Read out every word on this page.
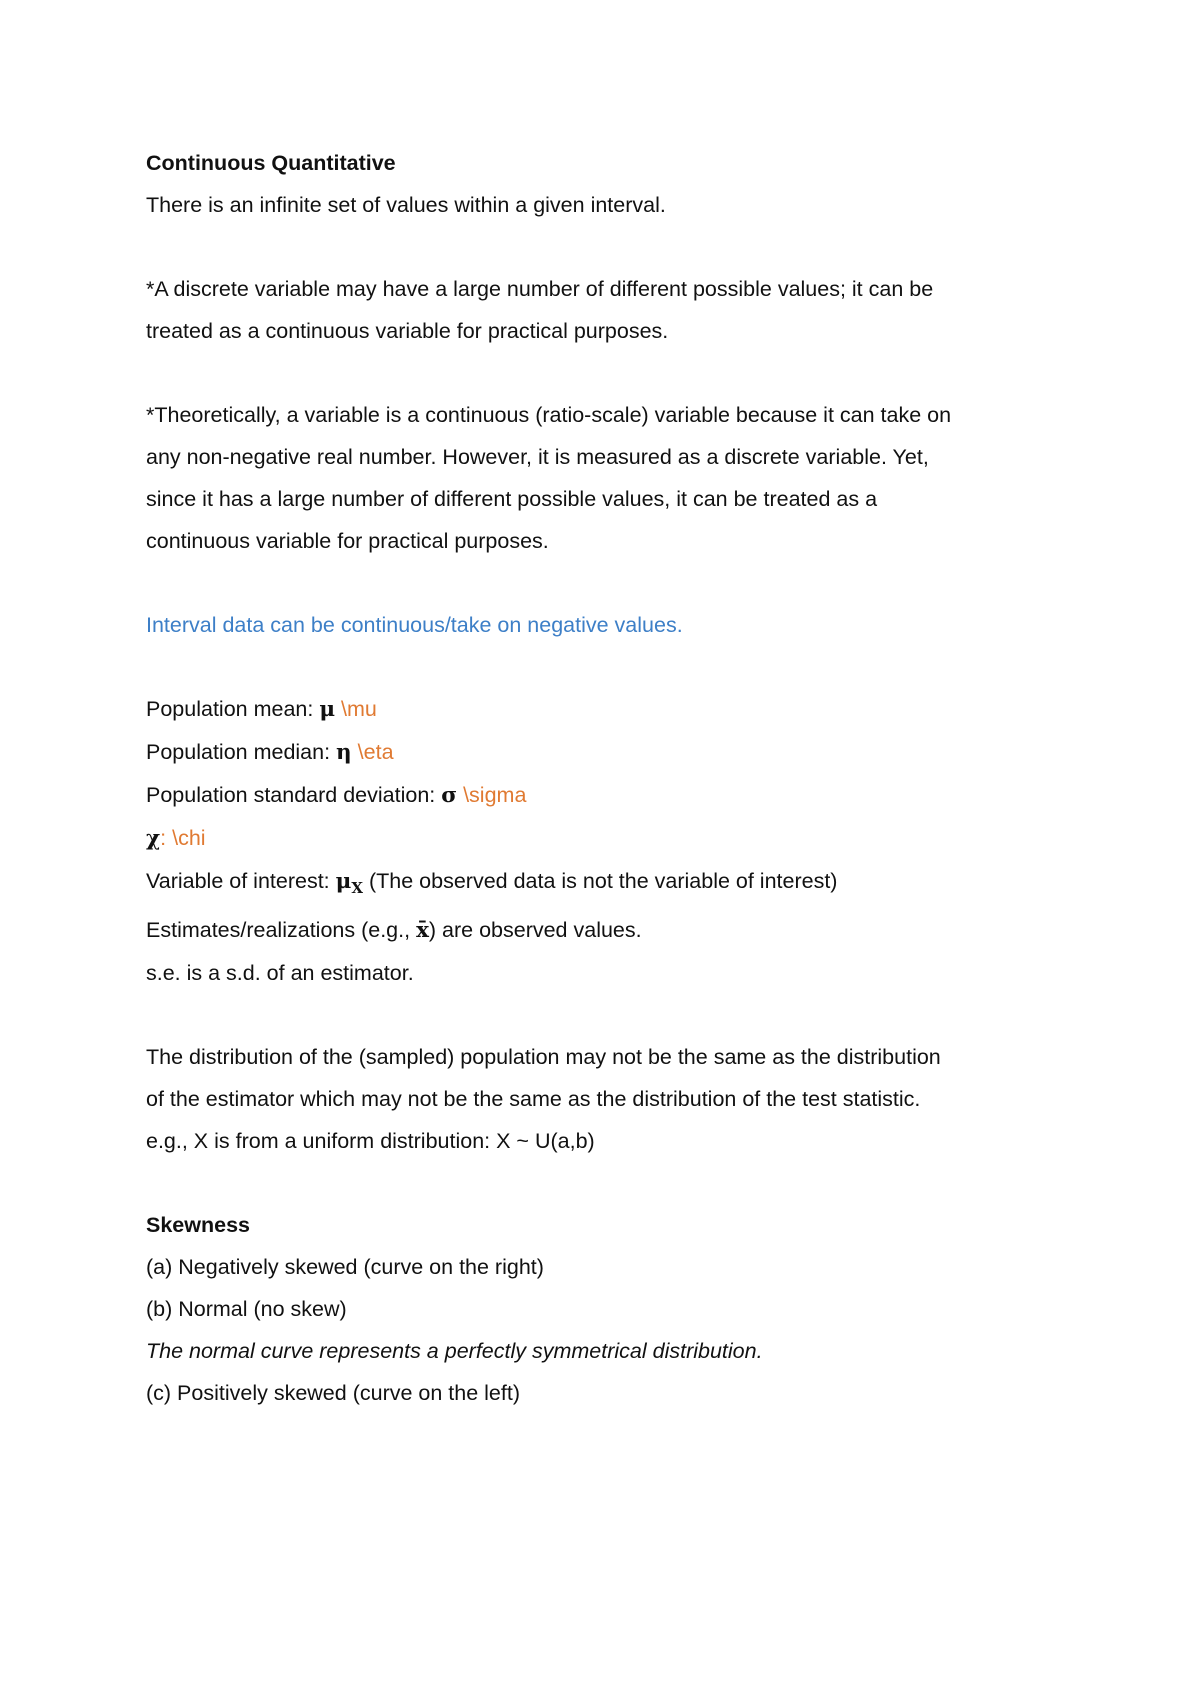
Continuous Quantitative
There is an infinite set of values within a given interval.
*A discrete variable may have a large number of different possible values; it can be
treated as a continuous variable for practical purposes.
*Theoretically, a variable is a continuous (ratio-scale) variable because it can take on
any non-negative real number. However, it is measured as a discrete variable. Yet,
since it has a large number of different possible values, it can be treated as a
continuous variable for practical purposes.
Interval data can be continuous/take on negative values.
Population mean: μ \mu
Population median: η \eta
Population standard deviation: σ \sigma
χ: \chi
Variable of interest: $\mu_X$ (The observed data is not the variable of interest)
Estimates/realizations (e.g., x̄) are observed values.
s.e. is a s.d. of an estimator.
The distribution of the (sampled) population may not be the same as the distribution
of the estimator which may not be the same as the distribution of the test statistic.
e.g., X is from a uniform distribution: X ~ U(a,b)
Skewness
(a) Negatively skewed (curve on the right)
(b) Normal (no skew)
The normal curve represents a perfectly symmetrical distribution.
(c) Positively skewed (curve on the left)
